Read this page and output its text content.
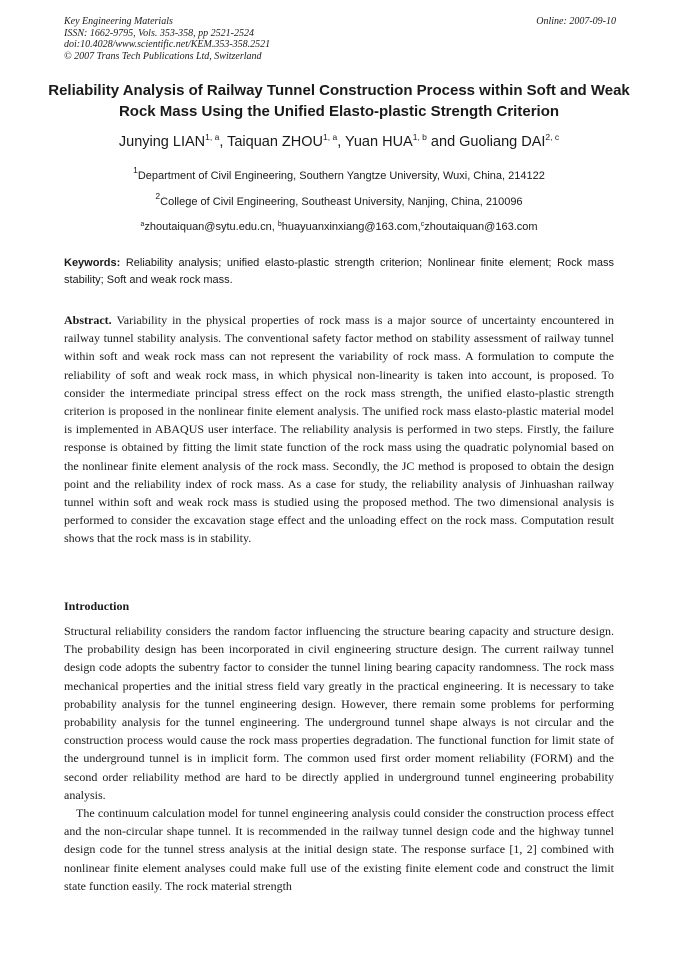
Key Engineering Materials
ISSN: 1662-9795, Vols. 353-358, pp 2521-2524
doi:10.4028/www.scientific.net/KEM.353-358.2521
© 2007 Trans Tech Publications Ltd, Switzerland
Online: 2007-09-10
Reliability Analysis of Railway Tunnel Construction Process within Soft and Weak Rock Mass Using the Unified Elasto-plastic Strength Criterion
Junying LIAN$^{1, a}$, Taiquan ZHOU$^{1, a}$, Yuan HUA$^{1, b}$ and Guoliang DAI$^{2, c}$
$^1$Department of Civil Engineering, Southern Yangtze University, Wuxi, China, 214122
$^2$College of Civil Engineering, Southeast University, Nanjing, China, 210096
$^a$zhoutaiquan@sytu.edu.cn, $^b$huayuanxinxiang@163.com,$^c$zhoutaiquan@163.com
Keywords: Reliability analysis; unified elasto-plastic strength criterion; Nonlinear finite element; Rock mass stability; Soft and weak rock mass.
Abstract. Variability in the physical properties of rock mass is a major source of uncertainty encountered in railway tunnel stability analysis. The conventional safety factor method on stability assessment of railway tunnel within soft and weak rock mass can not represent the variability of rock mass. A formulation to compute the reliability of soft and weak rock mass, in which physical non-linearity is taken into account, is proposed. To consider the intermediate principal stress effect on the rock mass strength, the unified elasto-plastic strength criterion is proposed in the nonlinear finite element analysis. The unified rock mass elasto-plastic material model is implemented in ABAQUS user interface. The reliability analysis is performed in two steps. Firstly, the failure response is obtained by fitting the limit state function of the rock mass using the quadratic polynomial based on the nonlinear finite element analysis of the rock mass. Secondly, the JC method is proposed to obtain the design point and the reliability index of rock mass. As a case for study, the reliability analysis of Jinhuashan railway tunnel within soft and weak rock mass is studied using the proposed method. The two dimensional analysis is performed to consider the excavation stage effect and the unloading effect on the rock mass. Computation result shows that the rock mass is in stability.
Introduction

Structural reliability considers the random factor influencing the structure bearing capacity and structure design. The probability design has been incorporated in civil engineering structure design. The current railway tunnel design code adopts the subentry factor to consider the tunnel lining bearing capacity randomness. The rock mass mechanical properties and the initial stress field vary greatly in the practical engineering. It is necessary to take probability analysis for the tunnel engineering design. However, there remain some problems for performing probability analysis for the tunnel engineering. The underground tunnel shape always is not circular and the construction process would cause the rock mass properties degradation. The functional function for limit state of the underground tunnel is in implicit form. The common used first order moment reliability (FORM) and the second order reliability method are hard to be directly applied in underground tunnel engineering probability analysis.

The continuum calculation model for tunnel engineering analysis could consider the construction process effect and the non-circular shape tunnel. It is recommended in the railway tunnel design code and the highway tunnel design code for the tunnel stress analysis at the initial design state. The response surface [1, 2] combined with nonlinear finite element analyses could make full use of the existing finite element code and construct the limit state function easily. The rock material strength
